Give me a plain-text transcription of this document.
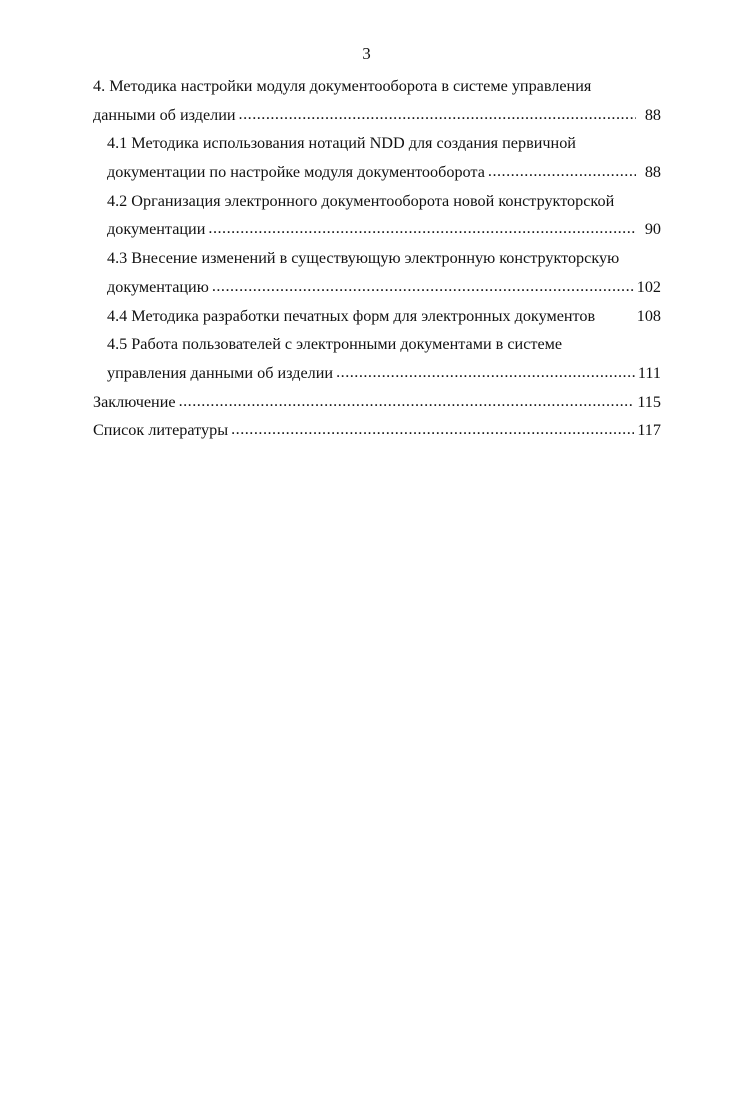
3
4. Методика настройки модуля документооборота в системе управления
данными об изделии .....	88
4.1 Методика использования нотаций NDD для создания первичной
документации по настройке модуля документооборота .....	88
4.2 Организация электронного документооборота новой конструкторской
документации .....	90
4.3 Внесение изменений в существующую электронную конструкторскую
документацию .....	102
4.4 Методика разработки печатных форм для электронных документов	108
4.5 Работа пользователей с электронными документами в системе
управления данными об изделии .....	111
Заключение .....	115
Список литературы .....	117
